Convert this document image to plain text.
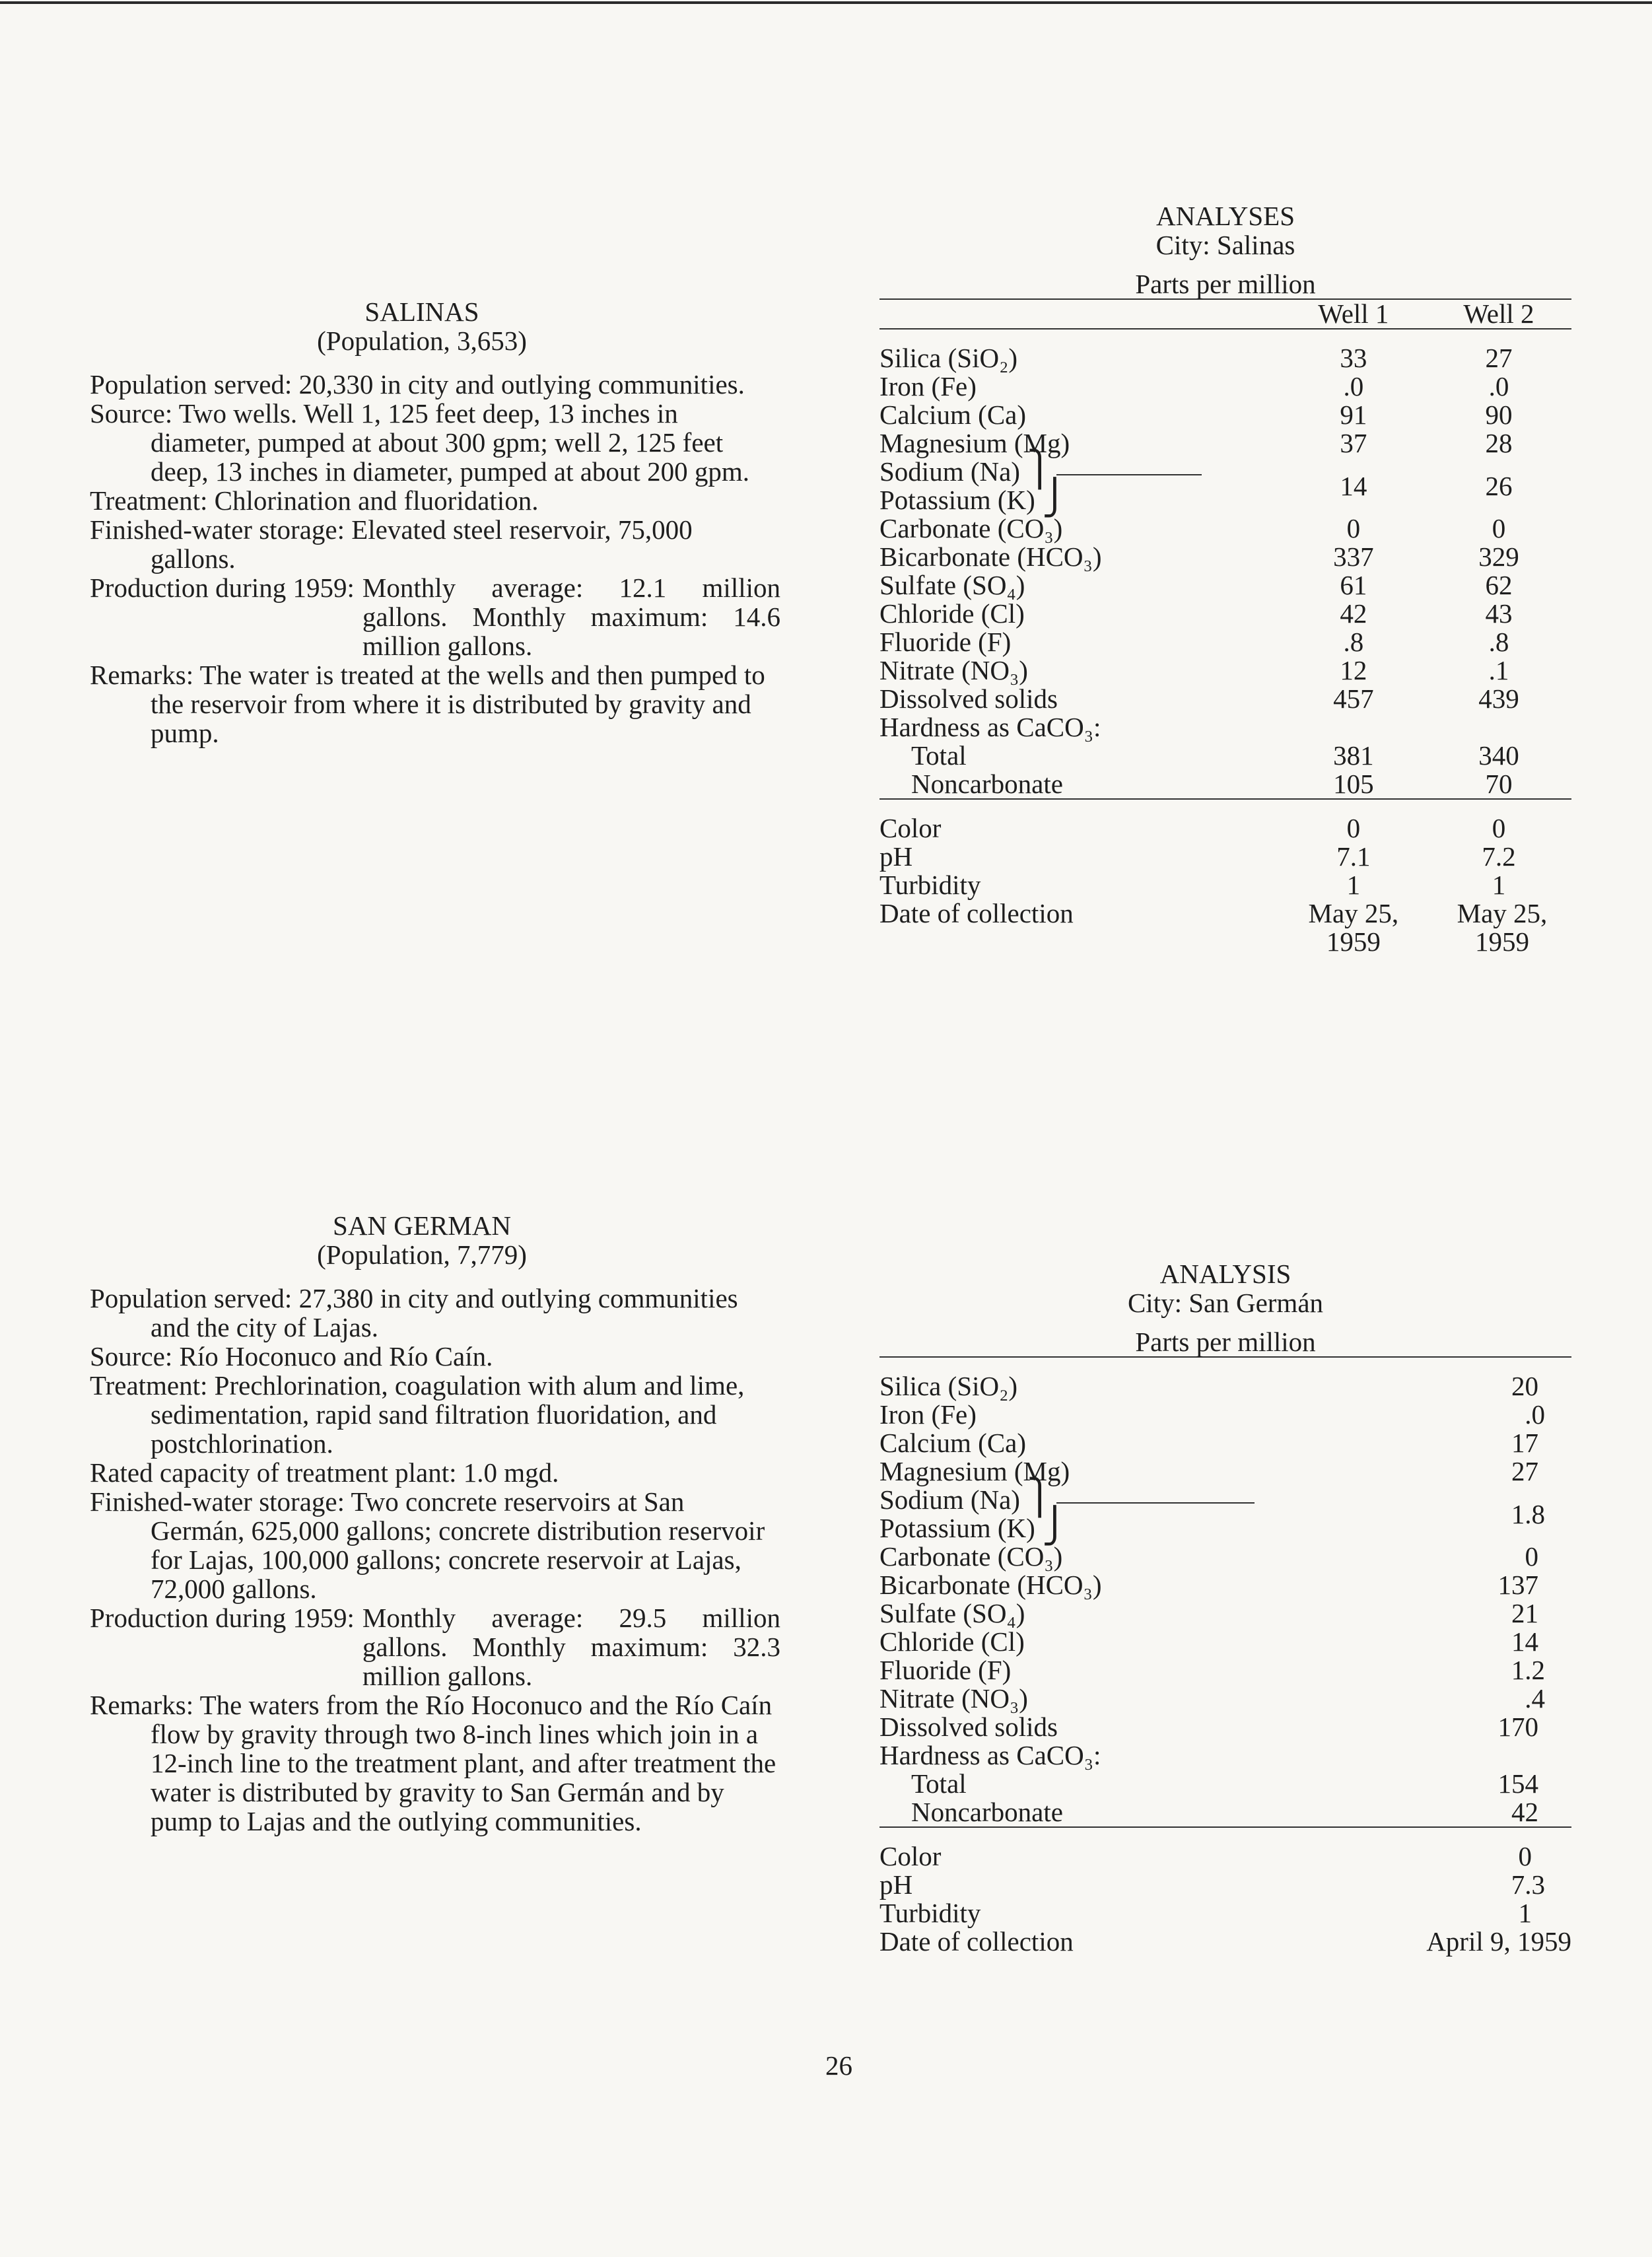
SALINAS
(Population, 3,653)

Population served: 20,330 in city and outlying communities.

Source: Two wells. Well 1, 125 feet deep, 13 inches in diameter, pumped at about 300 gpm; well 2, 125 feet deep, 13 inches in diameter, pumped at about 200 gpm.

Treatment: Chlorination and fluoridation.

Finished-water storage: Elevated steel reservoir, 75,000 gallons.

Production during 1959: Monthly average: 12.1 million gallons. Monthly maximum: 14.6 million gallons.

Remarks: The water is treated at the wells and then pumped to the reservoir from where it is distributed by gravity and pump.

ANALYSES
City: Salinas
Parts per million		
	Well 1	Well 2

Silica (SiO₂)	33	27
Iron (Fe)	.0	.0
Calcium (Ca)	91	90
Magnesium (Mg)	37	28
Sodium (Na) ⎫	14	26
Potassium (K) ⎭		
Carbonate (CO₃)	0	0
Bicarbonate (HCO₃)	337	329
Sulfate (SO₄)	61	62
Chloride (Cl)	42	43
Fluoride (F)	.8	.8
Nitrate (NO₃)	12	.1
Dissolved solids	457	439
Hardness as CaCO₃:		
Total	381	340
Noncarbonate	105	70

Color	0	0
pH	7.1	7.2
Turbidity	1	1
Date of collection	May 25, 1959	May 25, 1959
SAN GERMAN
(Population, 7,779)

Population served: 27,380 in city and outlying communities and the city of Lajas.

Source: Río Hoconuco and Río Caín.

Treatment: Prechlorination, coagulation with alum and lime, sedimentation, rapid sand filtration fluoridation, and postchlorination.

Rated capacity of treatment plant: 1.0 mgd.

Finished-water storage: Two concrete reservoirs at San Germán, 625,000 gallons; concrete distribution reservoir for Lajas, 100,000 gallons; concrete reservoir at Lajas, 72,000 gallons.

Production during 1959: Monthly average: 29.5 million gallons. Monthly maximum: 32.3 million gallons.

Remarks: The waters from the Río Hoconuco and the Río Caín flow by gravity through two 8-inch lines which join in a 12-inch line to the treatment plant, and after treatment the water is distributed by gravity to San Germán and by pump to Lajas and the outlying communities.

ANALYSIS
City: San Germán
Parts per million	

Silica (SiO₂)	20
Iron (Fe)	.0
Calcium (Ca)	17
Magnesium (Mg)	27
Sodium (Na) ⎫	1.8
Potassium (K) ⎭	
Carbonate (CO₃)	0
Bicarbonate (HCO₃)	137
Sulfate (SO₄)	21
Chloride (Cl)	14
Fluoride (F)	1.2
Nitrate (NO₃)	.4
Dissolved solids	170
Hardness as CaCO₃:	
Total	154
Noncarbonate	42

Color	0
pH	7.3
Turbidity	1
Date of collection	April 9, 1959
26
